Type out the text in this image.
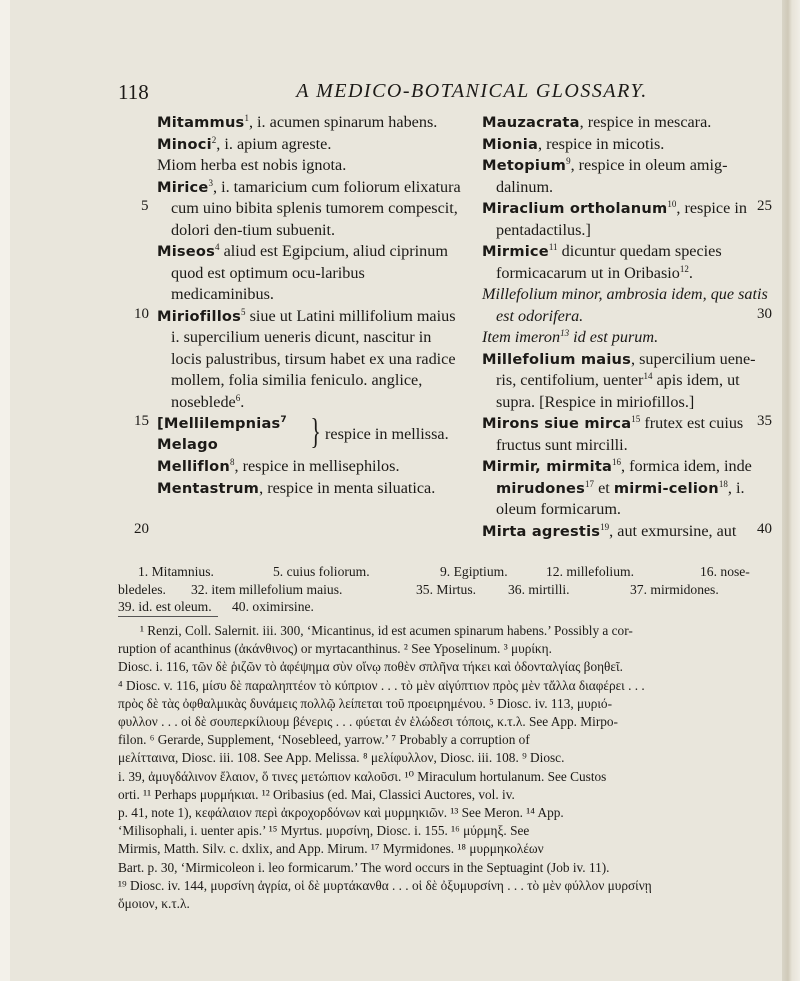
118	A MEDICO-BOTANICAL GLOSSARY.

Mitammus$^1$, i. acumen spinarum habens.

Minoci$^2$, i. apium agreste.

Miom herba est nobis ignota.

Mirice$^3$, i. tamaricium cum foliorum elixatura cum uino bibita splenis tumorem compescit, dolori den-tium subuenit.

Miseos$^4$ aliud est Egipcium, aliud ciprinum quod est optimum ocu-laribus medicaminibus.

Miriofillos$^5$ siue ut Latini millifolium maius i. supercilium ueneris dicunt, nascitur in locis palustribus, tirsum habet ex una radice mollem, folia similia feniculo. anglice, noseblede$^6$.

[Mellilempnias$^7$
Melago	} respice in mellissa.

Melliflon$^8$, respice in mellisephilos.

Mentastrum, respice in menta siluatica.

5
10
15
20

Mauzacrata, respice in mescara.

Mionia, respice in micotis.

Metopium$^9$, respice in oleum amig-dalinum.

Miraclium ortholanum$^{10}$, respice in pentadactilus.]

Mirmice$^{11}$ dicuntur quedam species formicacarum ut in Oribasio$^{12}$.

Millefolium minor, ambrosia idem, que satis est odorifera.

Item imeron$^{13}$ id est purum.

Millefolium maius, supercilium uene-ris, centifolium, uenter$^{14}$ apis idem, ut supra. [Respice in miriofillos.]

Mirons siue mirca$^{15}$ frutex est cuius fructus sunt mircilli.

Mirmir, mirmita$^{16}$, formica idem, inde mirudones$^{17}$ et mirmi-celion$^{18}$, i. oleum formicarum.

Mirta agrestis$^{19}$, aut exmursine, aut

25
30
35
40
1. Mitamnius.	5. cuius foliorum.	9. Egiptium.	12. millefolium.	16. nose-
bledeles. 32. item millefolium maius.	35. Mirtus. 36. mirtilli.	37. mirmidones.
39. id. est oleum. 40. oximirsine.
¹ Renzi, Coll. Salernit. iii. 300, ‘Micantinus, id est acumen spinarum habens.’ Possibly a cor-
ruption of acanthinus (ἀκάνθινος) or myrtacanthinus. ² See Yposelinum. ³ μυρίκη.
Diosc. i. 116, τῶν δὲ ῥιζῶν τὸ ἀφέψημα σὺν οἴνῳ ποθὲν σπλῆνα τήκει καὶ ὀδονταλγίας βοηθεῖ.
⁴ Diosc. v. 116, μίσυ δὲ παραληπτέον τὸ κύπριον . . . τὸ μὲν αἰγύπτιον πρὸς μὲν τἄλλα διαφέρει . . .
πρὸς δὲ τὰς ὀφθαλμικὰς δυνάμεις πολλῷ λείπεται τοῦ προειρημένου. ⁵ Diosc. iv. 113, μυριό-
φυλλον . . . οἱ δὲ σουπερκίλιουμ βένερις . . . φύεται ἐν ἑλώδεσι τόποις, κ.τ.λ. See App. Mirpo-
filon. ⁶ Gerarde, Supplement, ‘Nosebleed, yarrow.’ ⁷ Probably a corruption of
μελίτταινα, Diosc. iii. 108. See App. Melissa. ⁸ μελίφυλλον, Diosc. iii. 108. ⁹ Diosc.
i. 39, ἀμυγδάλινον ἔλαιον, ὅ τινες μετώπιον καλοῦσι. ¹⁰ Miraculum hortulanum. See Custos
orti. ¹¹ Perhaps μυρμήκιαι. ¹² Oribasius (ed. Mai, Classici Auctores, vol. iv.
p. 41, note 1), κεφάλαιον περὶ ἀκροχορδόνων καὶ μυρμηκιῶν. ¹³ See Meron. ¹⁴ App.
‘Milisophali, i. uenter apis.’ ¹⁵ Myrtus. μυρσίνη, Diosc. i. 155. ¹⁶ μύρμηξ. See
Mirmis, Matth. Silv. c. dxlix, and App. Mirum. ¹⁷ Myrmidones. ¹⁸ μυρμηκολέων
Bart. p. 30, ‘Mirmicoleon i. leo formicarum.’ The word occurs in the Septuagint (Job iv. 11).
¹⁹ Diosc. iv. 144, μυρσίνη ἀγρία, οἱ δὲ μυρτάκανθα . . . οἱ δὲ ὀξυμυρσίνη . . . τὸ μὲν φύλλον μυρσίνῃ
ὅμοιον, κ.τ.λ.
